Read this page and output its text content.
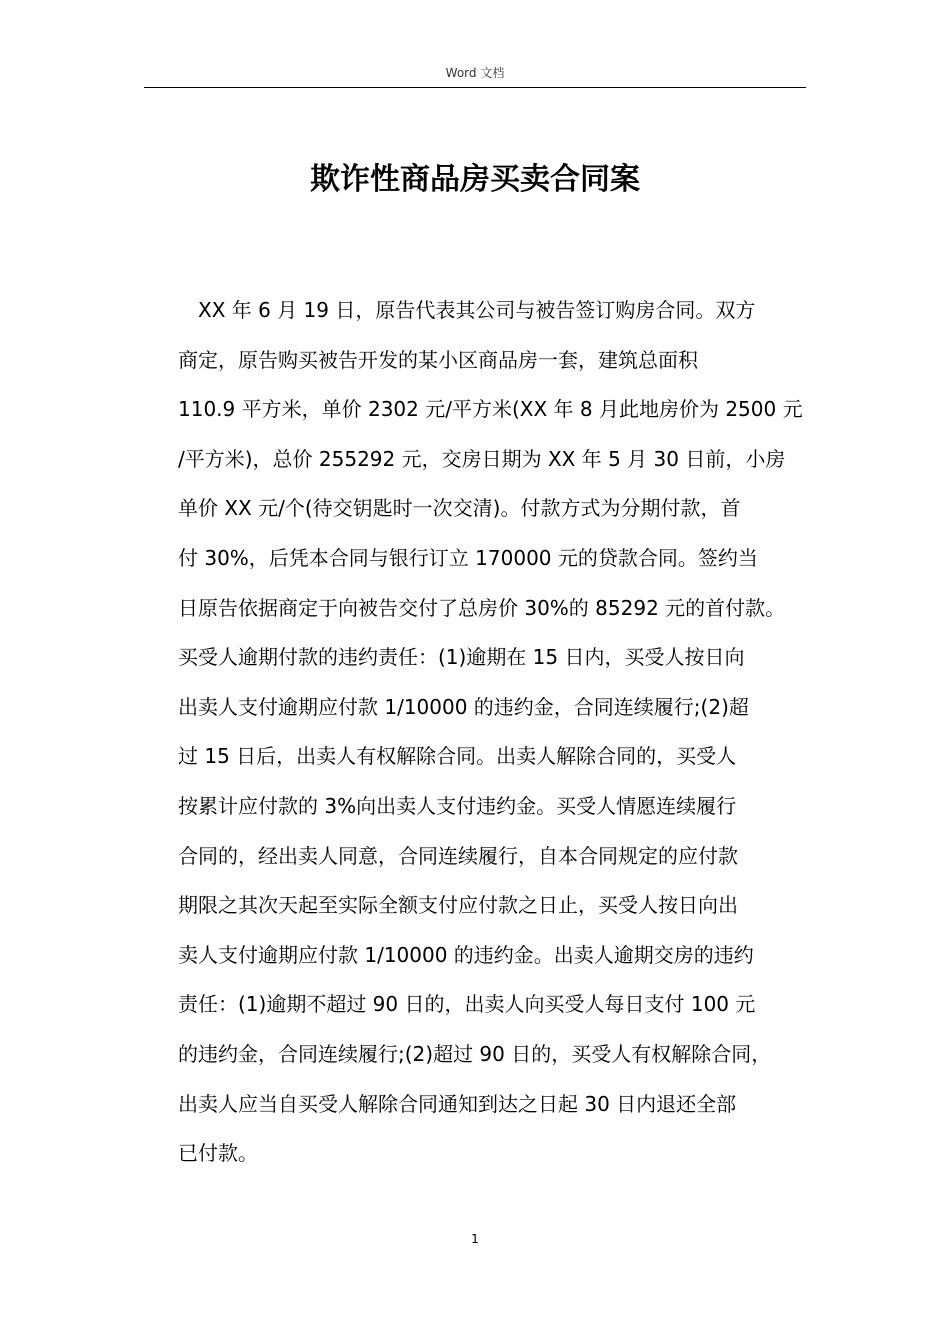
Word 文档
欺诈性商品房买卖合同案
　XX 年 6 月 19 日，原告代表其公司与被告签订购房合同。双方
商定，原告购买被告开发的某小区商品房一套，建筑总面积
110.9 平方米，单价 2302 元/平方米(XX 年 8 月此地房价为 2500 元
/平方米)，总价 255292 元，交房日期为 XX 年 5 月 30 日前，小房
单价 XX 元/个(待交钥匙时一次交清)。付款方式为分期付款，首
付 30%，后凭本合同与银行订立 170000 元的贷款合同。签约当
日原告依据商定于向被告交付了总房价 30%的 85292 元的首付款。
买受人逾期付款的违约责任：(1)逾期在 15 日内，买受人按日向
出卖人支付逾期应付款 1/10000 的违约金，合同连续履行;(2)超
过 15 日后，出卖人有权解除合同。出卖人解除合同的，买受人
按累计应付款的 3%向出卖人支付违约金。买受人情愿连续履行
合同的，经出卖人同意，合同连续履行，自本合同规定的应付款
期限之其次天起至实际全额支付应付款之日止，买受人按日向出
卖人支付逾期应付款 1/10000 的违约金。出卖人逾期交房的违约
责任：(1)逾期不超过 90 日的，出卖人向买受人每日支付 100 元
的违约金，合同连续履行;(2)超过 90 日的，买受人有权解除合同，
出卖人应当自买受人解除合同通知到达之日起 30 日内退还全部
已付款。
1
